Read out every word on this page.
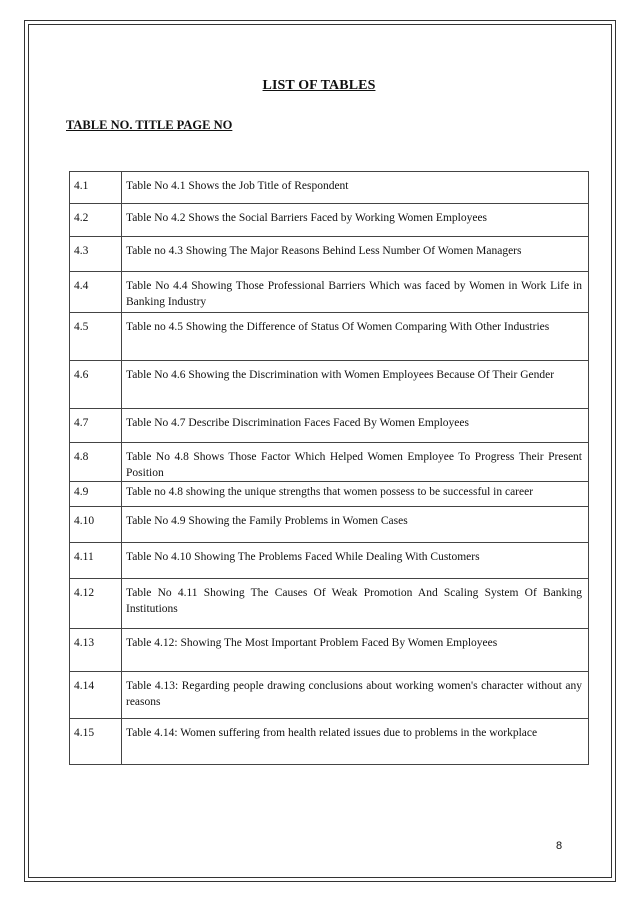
LIST OF TABLES
TABLE NO. TITLE PAGE NO
4.1	Table No 4.1 Shows the Job Title of Respondent
4.2	Table No 4.2 Shows the Social Barriers Faced by Working Women Employees
4.3	Table no 4.3 Showing The Major Reasons Behind Less Number Of Women Managers
4.4	Table No 4.4 Showing Those Professional Barriers Which was faced by Women in Work Life in Banking Industry
4.5	Table no 4.5 Showing the Difference of Status Of Women Comparing With Other Industries
4.6	Table No 4.6 Showing the Discrimination with Women Employees Because Of Their Gender
4.7	Table No 4.7 Describe Discrimination Faces Faced By Women Employees
4.8	Table No 4.8 Shows Those Factor Which Helped Women Employee To Progress Their Present Position
4.9	Table no 4.8 showing the unique strengths that women possess to be successful in career
4.10	Table No 4.9 Showing the Family Problems in Women Cases
4.11	Table No 4.10 Showing The Problems Faced While Dealing With Customers
4.12	Table No 4.11 Showing The Causes Of Weak Promotion And Scaling System Of Banking Institutions
4.13	Table 4.12: Showing The Most Important Problem Faced By Women Employees
4.14	Table 4.13: Regarding people drawing conclusions about working women's character without any reasons
4.15	Table 4.14: Women suffering from health related issues due to problems in the workplace
8
